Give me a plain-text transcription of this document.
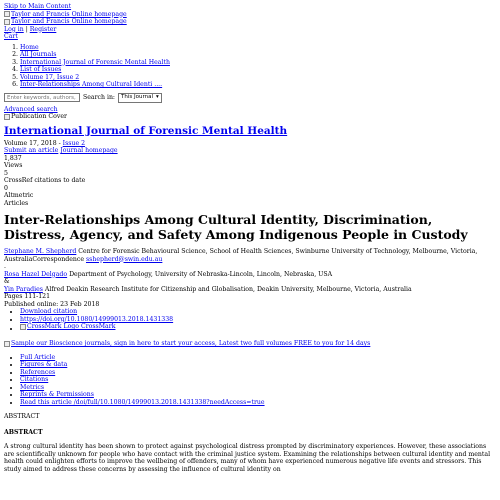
Skip to Main Content
Taylor and Francis Online homepage
Taylor and Francis Online homepage
Log in | Register
Cart
1. Home
2. All Journals
3. International Journal of Forensic Mental Health
4. List of Issues
5. Volume 17, Issue 2
6. Inter-Relationships Among Cultural Identi ....
Enter keywords, authors, DOI,
Search in: This Journal ▾
Advanced search
Publication Cover
International Journal of Forensic Mental Health
Volume 17, 2018 - Issue 2
Submit an article Journal homepage
1,837
Views
5
CrossRef citations to date
0
Altmetric
Articles
Inter-Relationships Among Cultural Identity, Discrimination, Distress, Agency, and Safety Among Indigenous People in Custody
Stephane M. Shepherd Centre for Forensic Behavioural Science, School of Health Sciences, Swinburne University of Technology, Melbourne, Victoria, AustraliaCorrespondence sshepherd@swin.edu.au
.
Rosa Hazel Delgado Department of Psychology, University of Nebraska-Lincoln, Lincoln, Nebraska, USA
&
Yin Paradies Alfred Deakin Research Institute for Citizenship and Globalisation, Deakin University, Melbourne, Victoria, Australia
Pages 111-121
Published online: 23 Feb 2018
• Download citation
• https://doi.org/10.1080/14999013.2018.1431338
• CrossMark Logo CrossMark
Sample our Bioscience journals, sign in here to start your access, Latest two full volumes FREE to you for 14 days
• Full Article
• Figures & data
• References
• Citations
• Metrics
• Reprints & Permissions
• Read this article /doi/full/10.1080/14999013.2018.1431338?needAccess=true
ABSTRACT
ABSTRACT
A strong cultural identity has been shown to protect against psychological distress prompted by discriminatory experiences. However, these associations are scientifically unknown for people who have contact with the criminal justice system. Examining the relationships between cultural identity and mental health could enlighten efforts to improve the wellbeing of offenders, many of whom have experienced numerous negative life events and stressors. This study aimed to address these concerns by assessing the influence of cultural identity on
